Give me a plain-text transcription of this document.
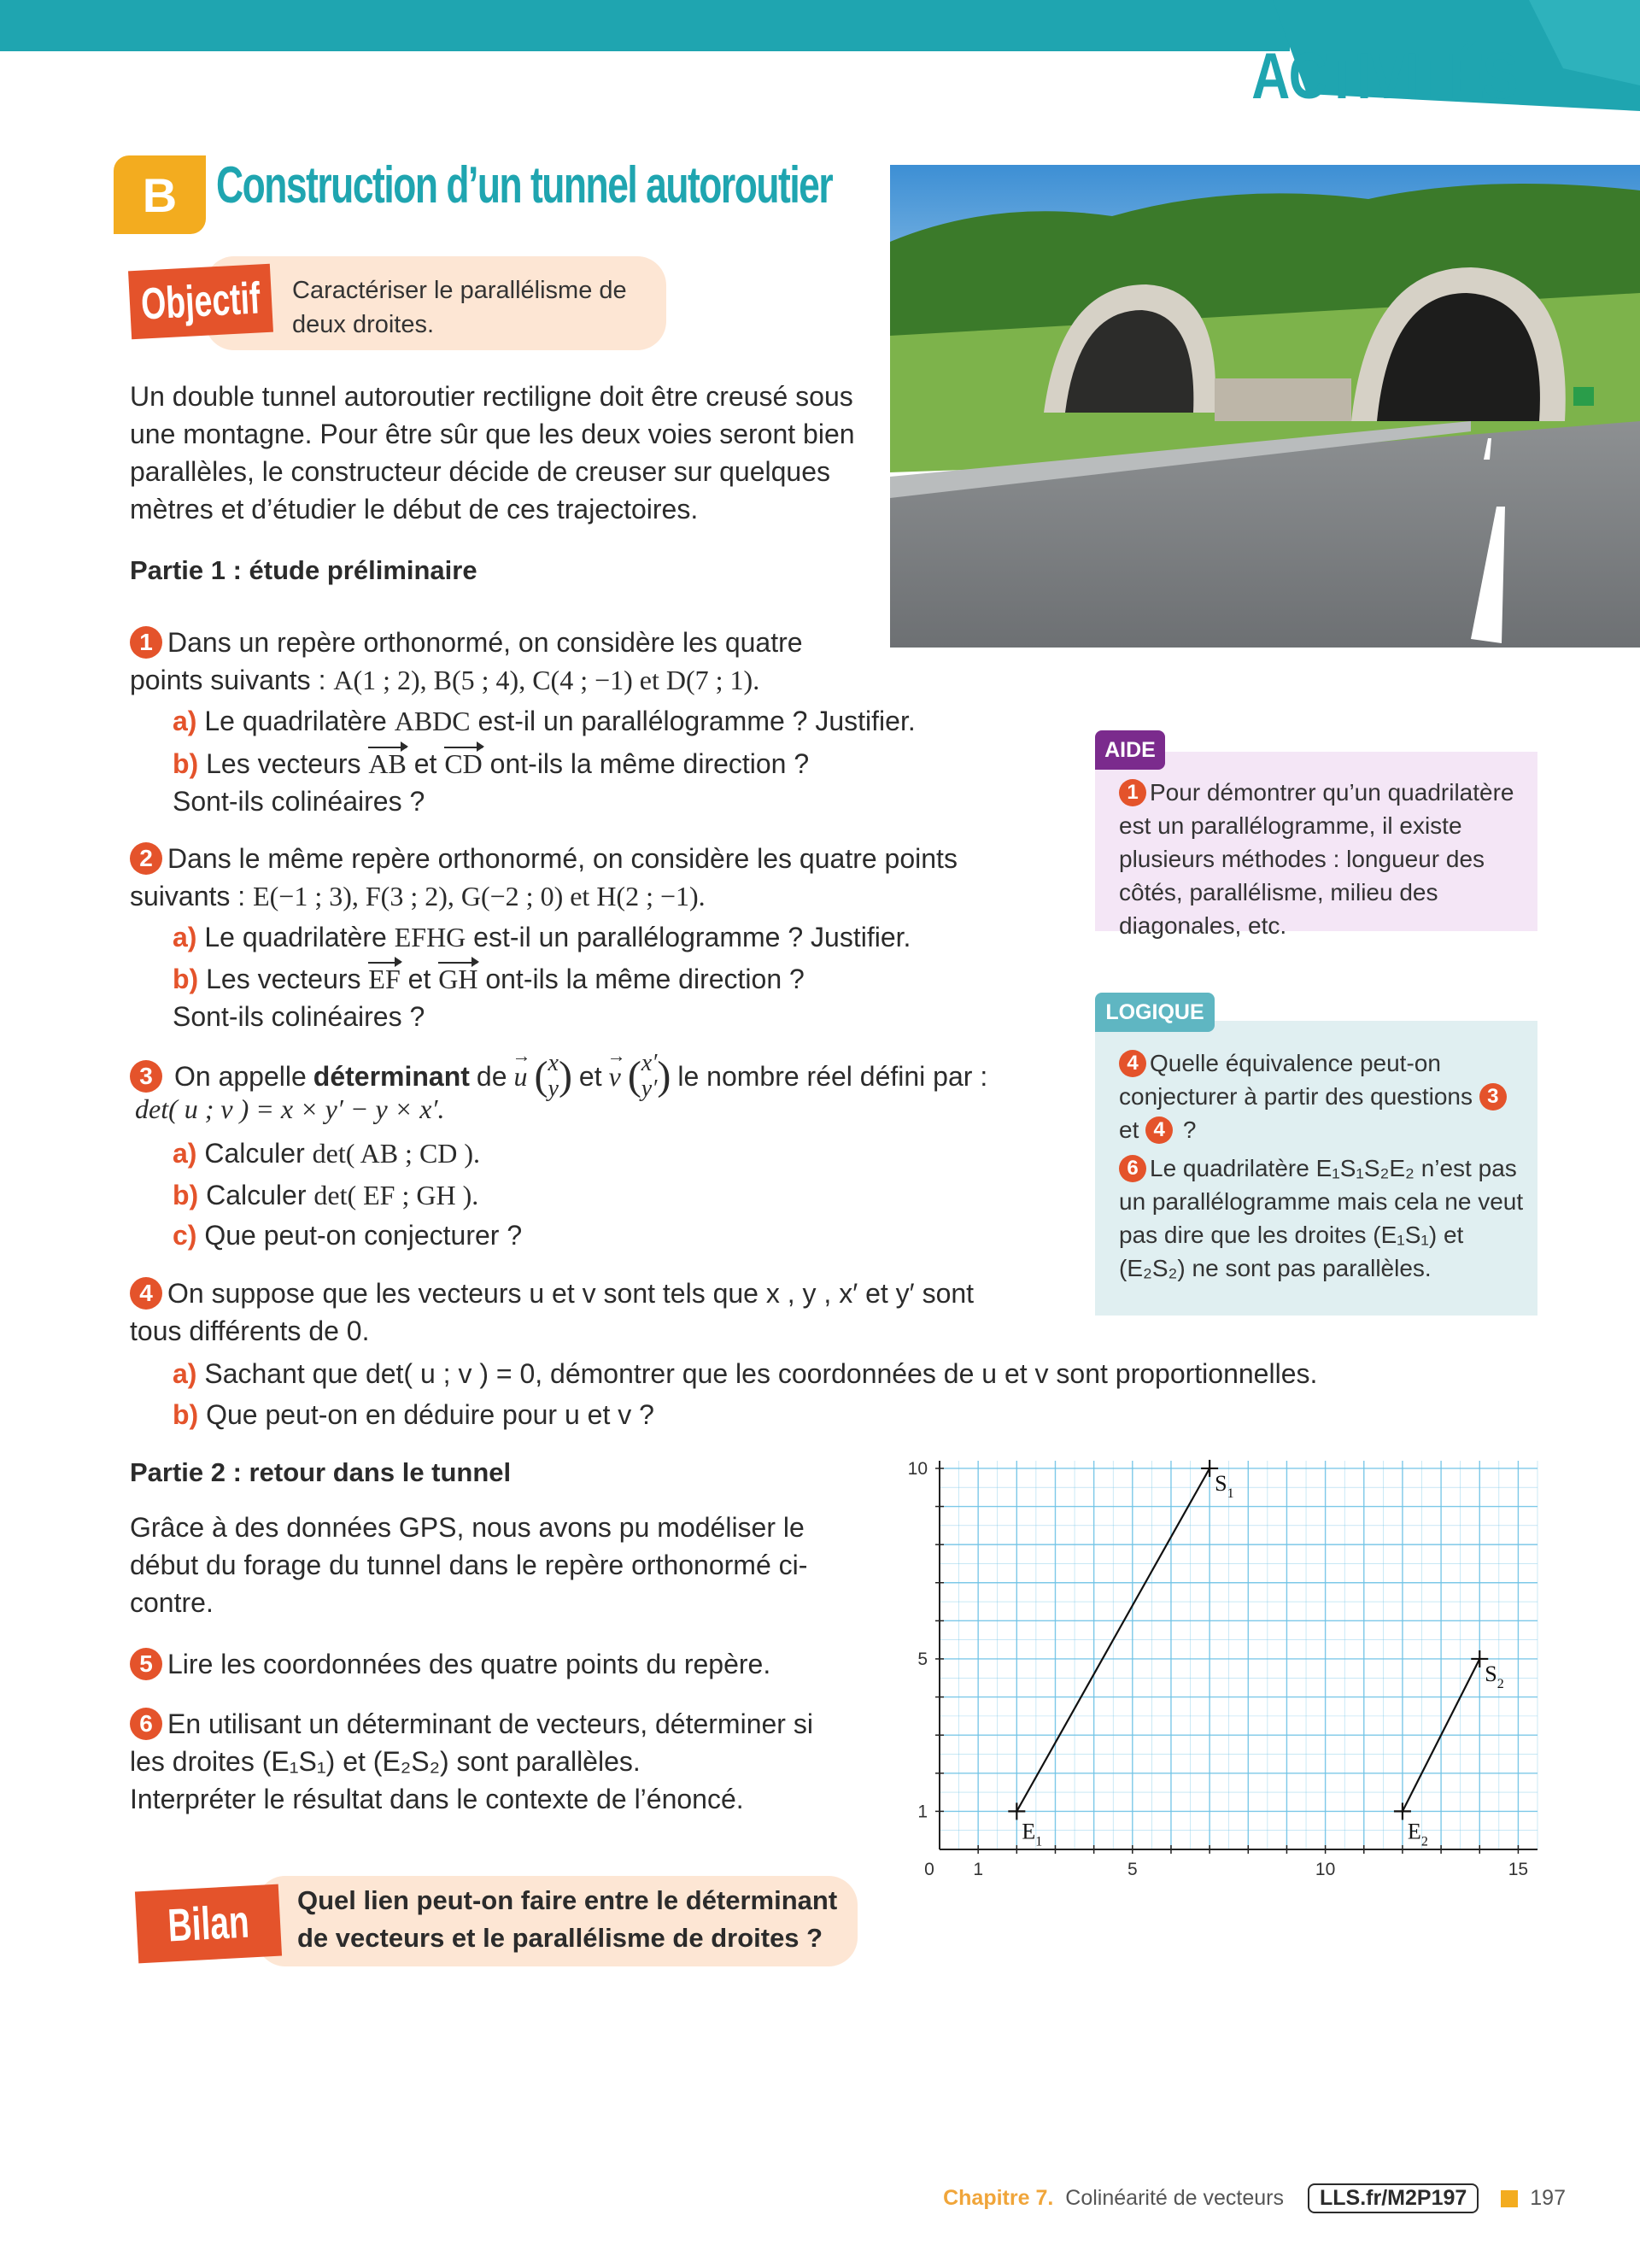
ACTIVITÉS
B Construction d’un tunnel autoroutier
Objectif Caractériser le parallélisme de deux droites.
Un double tunnel autoroutier rectiligne doit être creusé sous une montagne. Pour être sûr que les deux voies seront bien parallèles, le constructeur décide de creuser sur quelques mètres et d’étudier le début de ces trajectoires.
Partie 1 : étude préliminaire
1 Dans un repère orthonormé, on considère les quatre
points suivants : A(1 ; 2), B(5 ; 4), C(4 ; −1) et D(7 ; 1).
a) Le quadrilatère ABDC est-il un parallélogramme ? Justifier.
b) Les vecteurs AB et CD ont-ils la même direction ?
Sont-ils colinéaires ?
2 Dans le même repère orthonormé, on considère les quatre points
suivants : E(−1 ; 3), F(3 ; 2), G(−2 ; 0) et H(2 ; −1).
a) Le quadrilatère EFHG est-il un parallélogramme ? Justifier.
b) Les vecteurs EF et GH ont-ils la même direction ?
Sont-ils colinéaires ?
3 On appelle déterminant de → u ( x
y ) et → v ( x′
y′ ) le nombre réel défini par :
det( u ; v ) = x × y′ − y × x′.
a) Calculer det( AB ; CD ).
b) Calculer det( EF ; GH ).
c) Que peut-on conjecturer ?
4 On suppose que les vecteurs u et v sont tels que x , y , x′ et y′ sont
tous différents de 0.
a) Sachant que det( u ; v ) = 0, démontrer que les coordonnées de u et v sont proportionnelles.
b) Que peut-on en déduire pour u et v ?
Partie 2 : retour dans le tunnel
Grâce à des données GPS, nous avons pu modéliser le début du forage du tunnel dans le repère orthonormé ci-contre.
5 Lire les coordonnées des quatre points du repère.
6 En utilisant un déterminant de vecteurs, déterminer si
les droites (E₁S₁) et (E₂S₂) sont parallèles.
Interpréter le résultat dans le contexte de l’énoncé.
AIDE
1 Pour démontrer qu’un quadrilatère est un parallélogramme, il existe plusieurs méthodes : longueur des côtés, parallélisme, milieu des diagonales, etc.
LOGIQUE
4 Quelle équivalence peut-on conjecturer à partir des questions 3 et 4 ?
6 Le quadrilatère E₁S₁S₂E₂ n’est pas un parallélogramme mais cela ne veut pas dire que les droites (E₁S₁) et (E₂S₂) ne sont pas parallèles.
0 1	5	10	15
1
5
10
$E_1$
$S_1$
$E_2$
$S_2$
Bilan Quel lien peut-on faire entre le déterminant de vecteurs et le parallélisme de droites ?
Chapitre 7. Colinéarité de vecteurs	LLS.fr/M2P197	197
